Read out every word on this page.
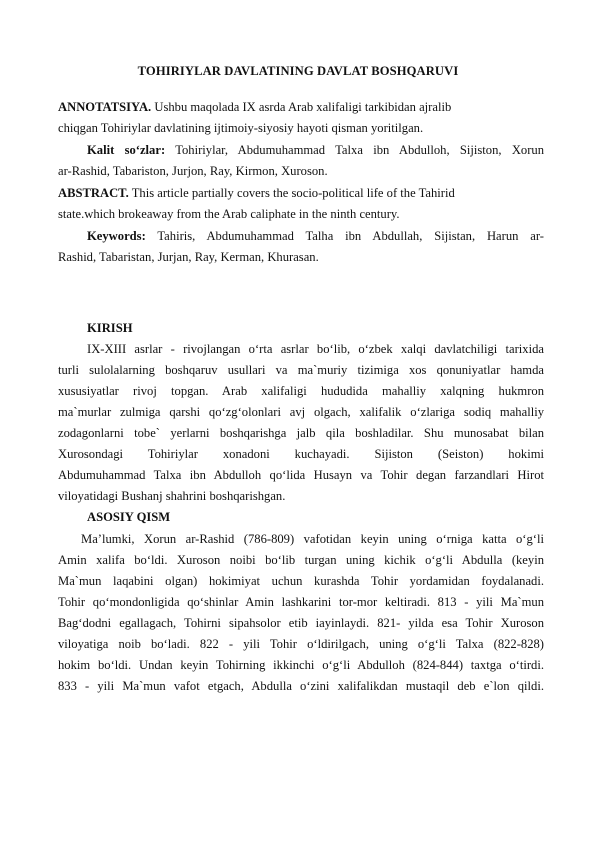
TOHIRIYLAR DAVLATINING DAVLAT BOSHQARUVI
ANNOTATSIYA. Ushbu maqolada IX asrda Arab xalifaligi tarkibidan ajralib
chiqgan Tohiriylar davlatining ijtimoiy-siyosiy hayoti qisman yoritilgan.
Kalit so‘zlar: Tohiriylar, Abdumuhammad Talxa ibn Abdulloh, Sijiston, Xorun
ar-Rashid, Tabariston, Jurjon, Ray, Kirmon, Xuroson.
ABSTRACT. This article partially covers the socio-political life of the Tahirid
state.which brokeaway from the Arab caliphate in the ninth century.
Keywords: Tahiris, Abdumuhammad Talha ibn Abdullah, Sijistan, Harun ar-
Rashid, Tabaristan, Jurjan, Ray, Kerman, Khurasan.
KIRISH
IX-XIII asrlar - rivojlangan o‘rta asrlar bo‘lib, o‘zbek xalqi davlatchiligi tarixida
turli sulolalarning boshqaruv usullari va ma`muriy tizimiga xos qonuniyatlar hamda
xususiyatlar rivoj topgan. Arab xalifaligi hududida mahalliy xalqning hukmron
ma`murlar zulmiga qarshi qo‘zg‘olonlari avj olgach, xalifalik o‘zlariga sodiq mahalliy
zodagonlarni tobe` yerlarni boshqarishga jalb qila boshladilar. Shu munosabat bilan
Xurosondagi Tohiriylar xonadoni kuchayadi. Sijiston (Seiston) hokimi
Abdumuhammad Talxa ibn Abdulloh qo‘lida Husayn va Tohir degan farzandlari Hirot
viloyatidagi Bushanj shahrini boshqarishgan.
ASOSIY QISM
Ma’lumki, Xorun ar-Rashid (786-809) vafotidan keyin uning o‘rniga katta o‘g‘li
Amin xalifa bo‘ldi. Xuroson noibi bo‘lib turgan uning kichik o‘g‘li Abdulla (keyin
Ma`mun laqabini olgan) hokimiyat uchun kurashda Tohir yordamidan foydalanadi.
Tohir qo‘mondonligida qo‘shinlar Amin lashkarini tor-mor keltiradi. 813 - yili Ma`mun
Bag‘dodni egallagach, Tohirni sipahsolor etib iayinlaydi. 821- yilda esa Tohir Xuroson
viloyatiga noib bo‘ladi. 822 - yili Tohir o‘ldirilgach, uning o‘g‘li Talxa (822-828)
hokim bo‘ldi. Undan keyin Tohirning ikkinchi o‘g‘li Abdulloh (824-844) taxtga o‘tirdi.
833 - yili Ma`mun vafot etgach, Abdulla o‘zini xalifalikdan mustaqil deb e`lon qildi.
